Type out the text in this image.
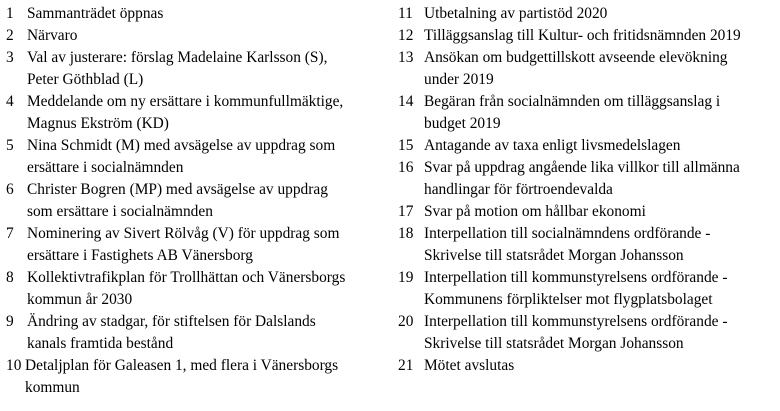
1 Sammanträdet öppnas
2 Närvaro
3 Val av justerare: förslag Madelaine Karlsson (S),
Peter Göthblad (L)
4 Meddelande om ny ersättare i kommunfullmäktige,
Magnus Ekström (KD)
5 Nina Schmidt (M) med avsägelse av uppdrag som
ersättare i socialnämnden
6 Christer Bogren (MP) med avsägelse av uppdrag
som ersättare i socialnämnden
7 Nominering av Sivert Rölvåg (V) för uppdrag som
ersättare i Fastighets AB Vänersborg
8 Kollektivtrafikplan för Trollhättan och Vänersborgs
kommun år 2030
9 Ändring av stadgar, för stiftelsen för Dalslands
kanals framtida bestånd
10 Detaljplan för Galeasen 1, med flera i Vänersborgs
kommun
11 Utbetalning av partistöd 2020
12 Tilläggsanslag till Kultur- och fritidsnämnden 2019
13 Ansökan om budgettillskott avseende elevökning
under 2019
14 Begäran från socialnämnden om tilläggsanslag i
budget 2019
15 Antagande av taxa enligt livsmedelslagen
16 Svar på uppdrag angående lika villkor till allmänna
handlingar för förtroendevalda
17 Svar på motion om hållbar ekonomi
18 Interpellation till socialnämndens ordförande -
Skrivelse till statsrådet Morgan Johansson
19 Interpellation till kommunstyrelsens ordförande -
Kommunens förpliktelser mot flygplatsbolaget
20 Interpellation till kommunstyrelsens ordförande -
Skrivelse till statsrådet Morgan Johansson
21 Mötet avslutas
